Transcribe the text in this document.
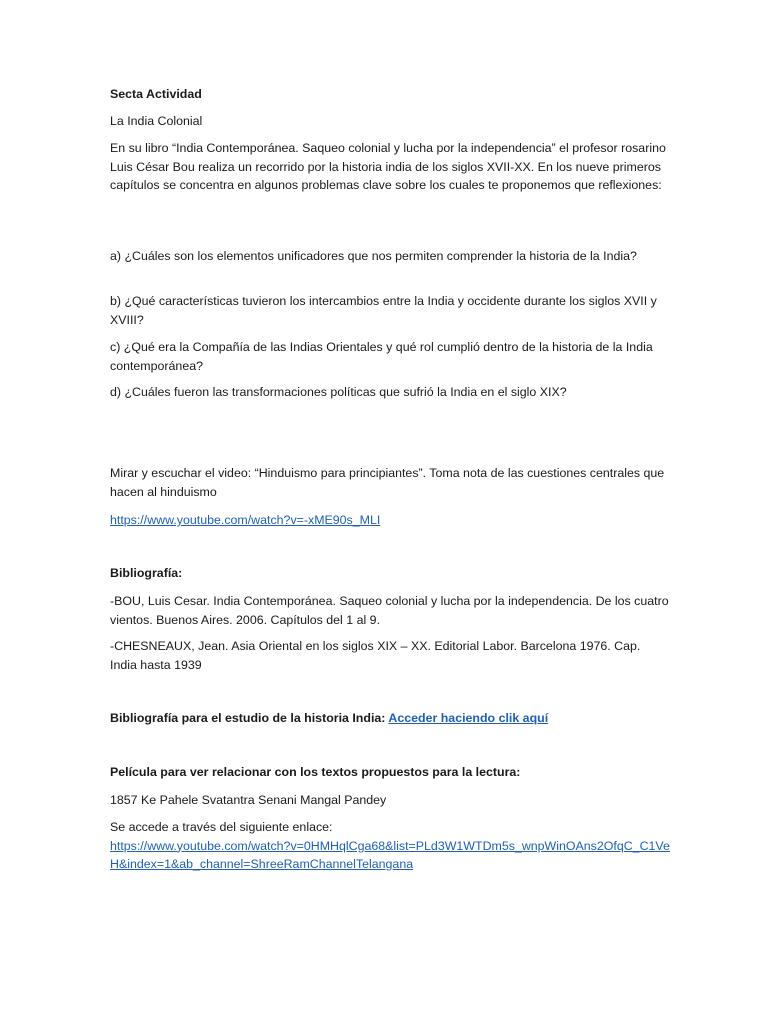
Secta Actividad

La India Colonial

En su libro “India Contemporánea. Saqueo colonial y lucha por la independencia” el profesor rosarino Luis César Bou realiza un recorrido por la historia india de los siglos XVII-XX. En los nueve primeros capítulos se concentra en algunos problemas clave sobre los cuales te proponemos que reflexiones:

a) ¿Cuáles son los elementos unificadores que nos permiten comprender la historia de la India?

b) ¿Qué características tuvieron los intercambios entre la India y occidente durante los siglos XVII y XVIII?

c) ¿Qué era la Compañía de las Indias Orientales y qué rol cumplió dentro de la historia de la India contemporánea?

d) ¿Cuáles fueron las transformaciones políticas que sufrió la India en el siglo XIX?

Mirar y escuchar el video: “Hinduismo para principiantes”. Toma nota de las cuestiones centrales que hacen al hinduismo

https://www.youtube.com/watch?v=-xME90s_MLI

Bibliografía:

-BOU, Luis Cesar. India Contemporánea. Saqueo colonial y lucha por la independencia. De los cuatro vientos. Buenos Aires. 2006. Capítulos del 1 al 9.

-CHESNEAUX, Jean. Asia Oriental en los siglos XIX – XX. Editorial Labor. Barcelona 1976. Cap. India hasta 1939

Bibliografía para el estudio de la historia India: Acceder haciendo clik aquí

Película para ver relacionar con los textos propuestos para la lectura:

1857 Ke Pahele Svatantra Senani Mangal Pandey

Se accede a través del siguiente enlace:
https://www.youtube.com/watch?v=0HMHqlCga68&list=PLd3W1WTDm5s_wnpWinOAns2OfqC_C1VeH&index=1&ab_channel=ShreeRamChannelTelangana
